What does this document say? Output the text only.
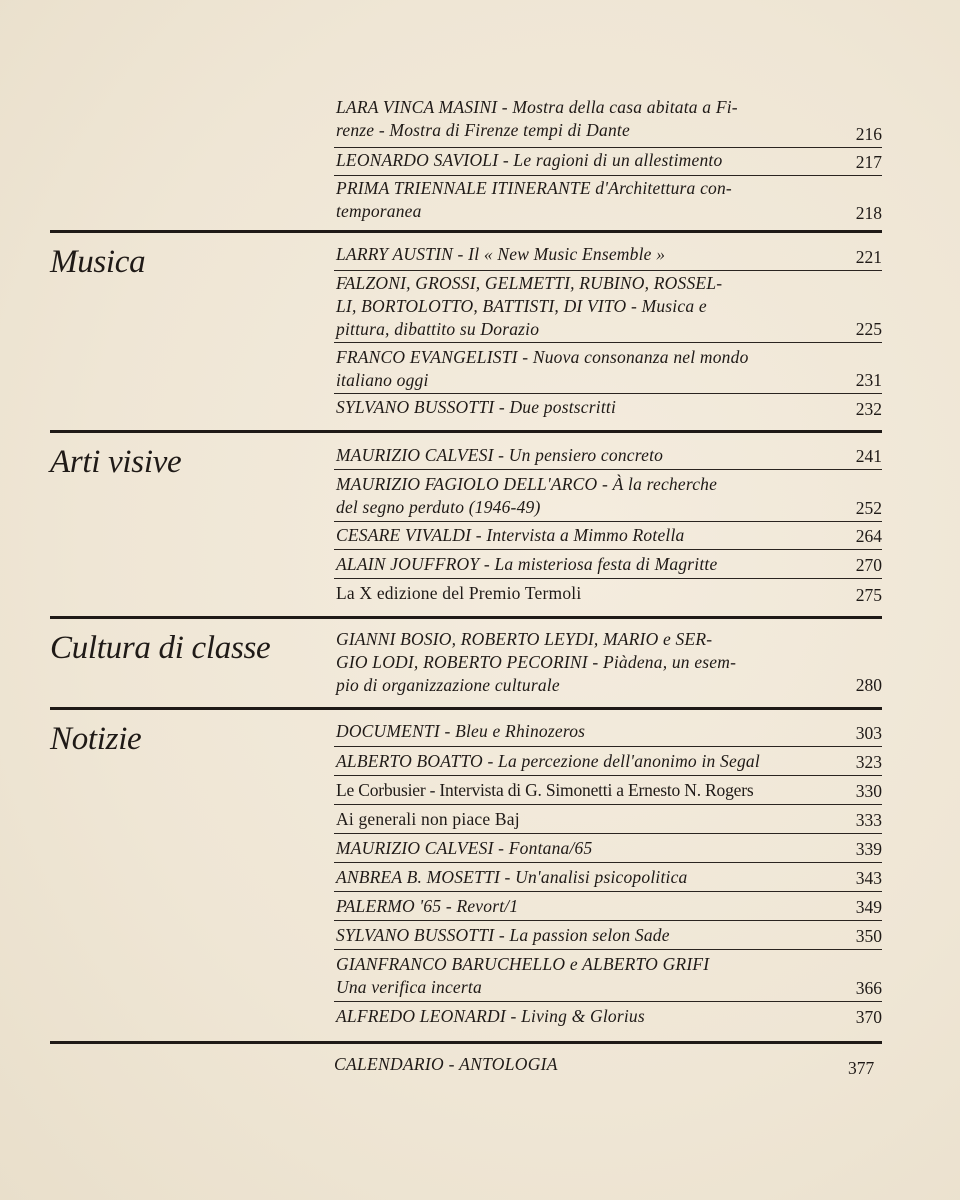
LARA VINCA MASINI - Mostra della casa abitata a Fi-
renze - Mostra di Firenze tempi di Dante	216
LEONARDO SAVIOLI - Le ragioni di un allestimento	217
PRIMA TRIENNALE ITINERANTE d'Architettura con-
temporanea	218
Musica	LARRY AUSTIN - Il « New Music Ensemble »	221
FALZONI, GROSSI, GELMETTI, RUBINO, ROSSEL-
LI, BORTOLOTTO, BATTISTI, DI VITO - Musica e
pittura, dibattito su Dorazio	225
FRANCO EVANGELISTI - Nuova consonanza nel mondo
italiano oggi	231
SYLVANO BUSSOTTI - Due postscritti	232
Arti visive	MAURIZIO CALVESI - Un pensiero concreto	241
MAURIZIO FAGIOLO DELL'ARCO - À la recherche
del segno perduto (1946-49)	252
CESARE VIVALDI - Intervista a Mimmo Rotella	264
ALAIN JOUFFROY - La misteriosa festa di Magritte	270
La X edizione del Premio Termoli	275
Cultura di classe	GIANNI BOSIO, ROBERTO LEYDI, MARIO e SER-
GIO LODI, ROBERTO PECORINI - Piàdena, un esem-
pio di organizzazione culturale	280
Notizie	DOCUMENTI - Bleu e Rhinozeros	303
ALBERTO BOATTO - La percezione dell'anonimo in Segal	323
Le Corbusier - Intervista di G. Simonetti a Ernesto N. Rogers	330
Ai generali non piace Baj	333
MAURIZIO CALVESI - Fontana/65	339
ANBREA B. MOSETTI - Un'analisi psicopolitica	343
PALERMO '65 - Revort/1	349
SYLVANO BUSSOTTI - La passion selon Sade	350
GIANFRANCO BARUCHELLO e ALBERTO GRIFI
Una verifica incerta	366
ALFREDO LEONARDI - Living & Glorius	370
CALENDARIO - ANTOLOGIA	377
